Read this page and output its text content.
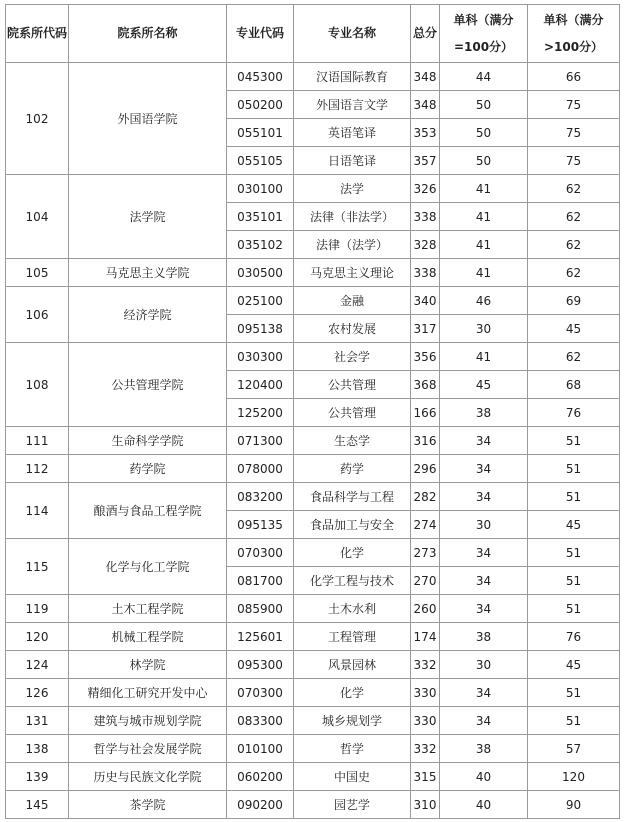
院系所代码	院系所名称	专业代码	专业名称	总分	单科（满分=100分）	单科（满分>100分）
102	外国语学院	045300	汉语国际教育	348	44	66
		050200	外国语言文学	348	50	75
		055101	英语笔译	353	50	75
		055105	日语笔译	357	50	75
104	法学院	030100	法学	326	41	62
		035101	法律（非法学）	338	41	62
		035102	法律（法学）	328	41	62
105	马克思主义学院	030500	马克思主义理论	338	41	62
106	经济学院	025100	金融	340	46	69
		095138	农村发展	317	30	45
108	公共管理学院	030300	社会学	356	41	62
		120400	公共管理	368	45	68
		125200	公共管理	166	38	76
111	生命科学学院	071300	生态学	316	34	51
112	药学院	078000	药学	296	34	51
114	酿酒与食品工程学院	083200	食品科学与工程	282	34	51
		095135	食品加工与安全	274	30	45
115	化学与化工学院	070300	化学	273	34	51
		081700	化学工程与技术	270	34	51
119	土木工程学院	085900	土木水利	260	34	51
120	机械工程学院	125601	工程管理	174	38	76
124	林学院	095300	风景园林	332	30	45
126	精细化工研究开发中心	070300	化学	330	34	51
131	建筑与城市规划学院	083300	城乡规划学	330	34	51
138	哲学与社会发展学院	010100	哲学	332	38	57
139	历史与民族文化学院	060200	中国史	315	40	120
145	茶学院	090200	园艺学	310	40	90
